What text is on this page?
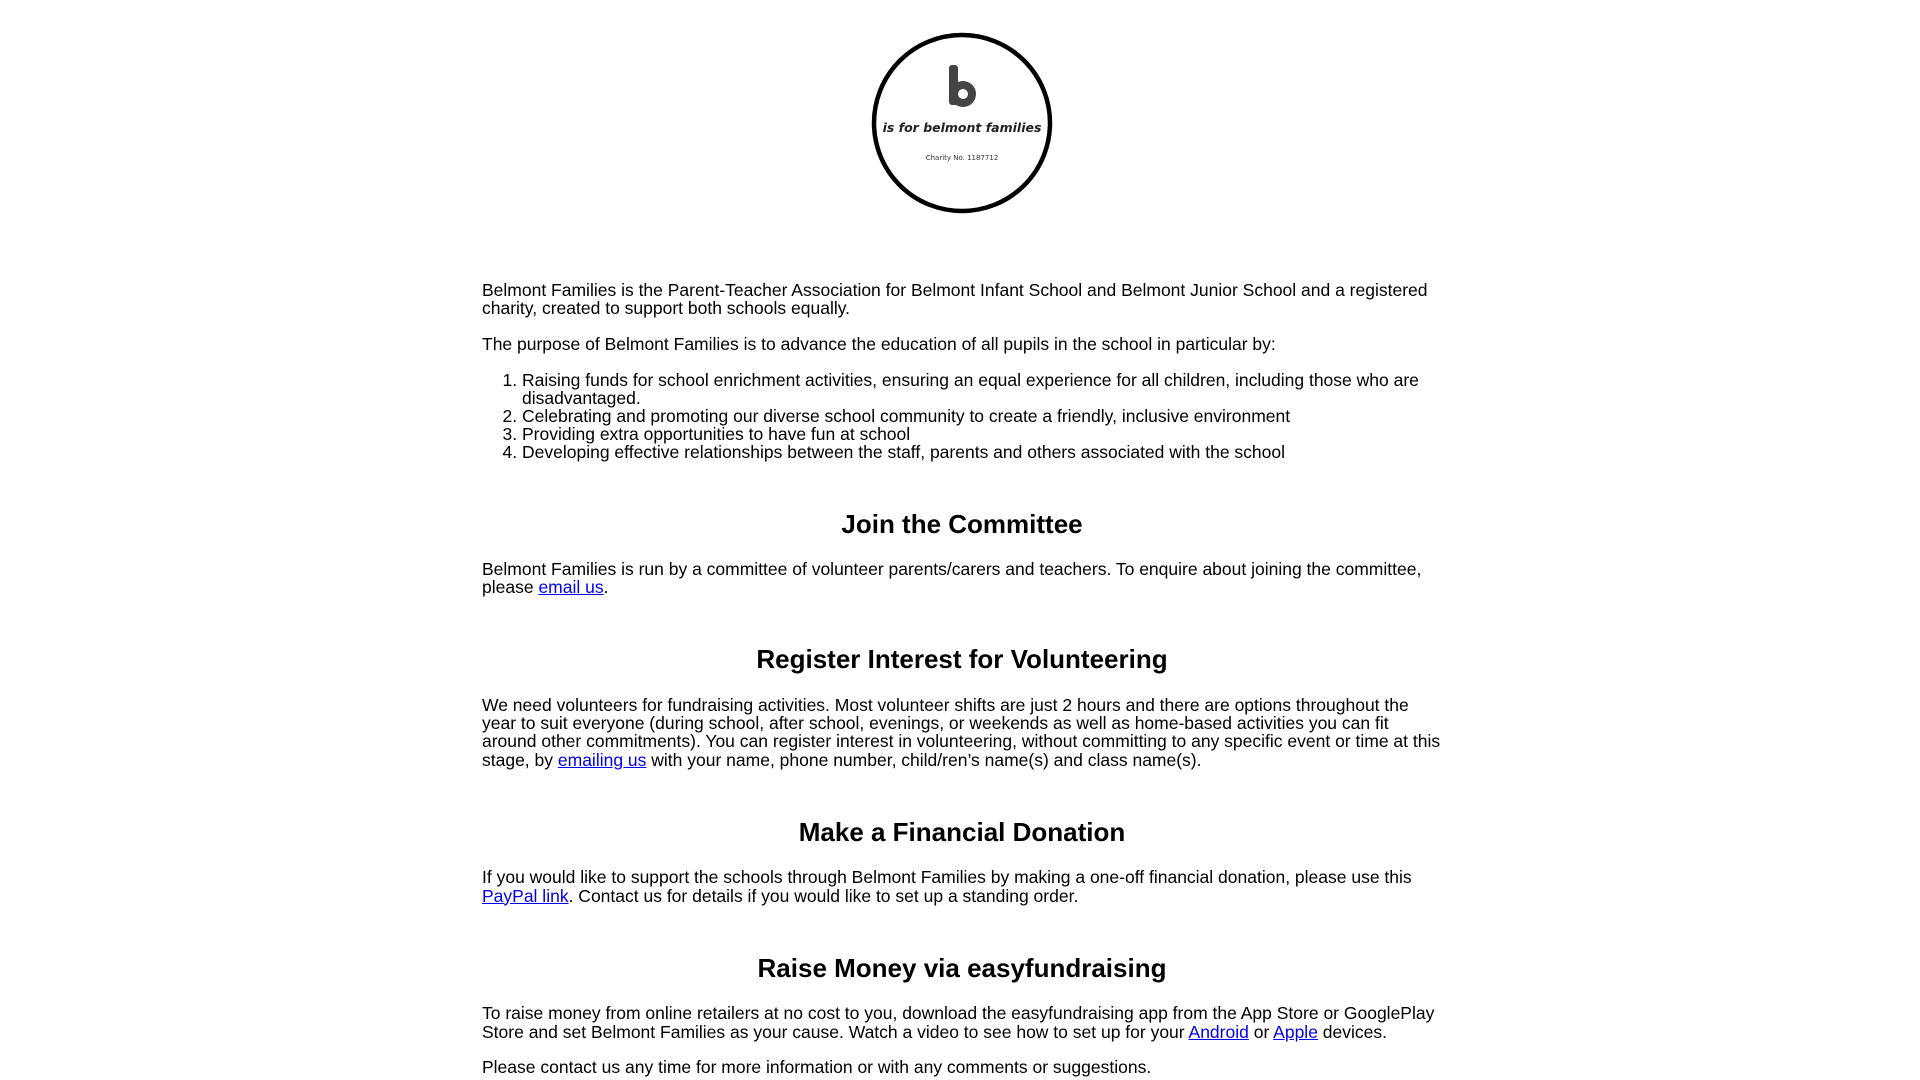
is for belmont families
Charity No. 1187712

Belmont Families is the Parent-Teacher Association for Belmont Infant School and Belmont Junior School and a registered charity, created to support both schools equally.

The purpose of Belmont Families is to advance the education of all pupils in the school in particular by:

1. Raising funds for school enrichment activities, ensuring an equal experience for all children, including those who are disadvantaged.
2. Celebrating and promoting our diverse school community to create a friendly, inclusive environment
3. Providing extra opportunities to have fun at school
4. Developing effective relationships between the staff, parents and others associated with the school
Join the Committee

Belmont Families is run by a committee of volunteer parents/carers and teachers. To enquire about joining the committee, please email us.

Register Interest for Volunteering

We need volunteers for fundraising activities. Most volunteer shifts are just 2 hours and there are options throughout the year to suit everyone (during school, after school, evenings, or weekends as well as home-based activities you can fit around other commitments). You can register interest in volunteering, without committing to any specific event or time at this stage, by emailing us with your name, phone number, child/ren’s name(s) and class name(s).

Make a Financial Donation

If you would like to support the schools through Belmont Families by making a one-off financial donation, please use this PayPal link. Contact us for details if you would like to set up a standing order.

Raise Money via easyfundraising

To raise money from online retailers at no cost to you, download the easyfundraising app from the App Store or GooglePlay Store and set Belmont Families as your cause. Watch a video to see how to set up for your Android or Apple devices.

Please contact us any time for more information or with any comments or suggestions.
